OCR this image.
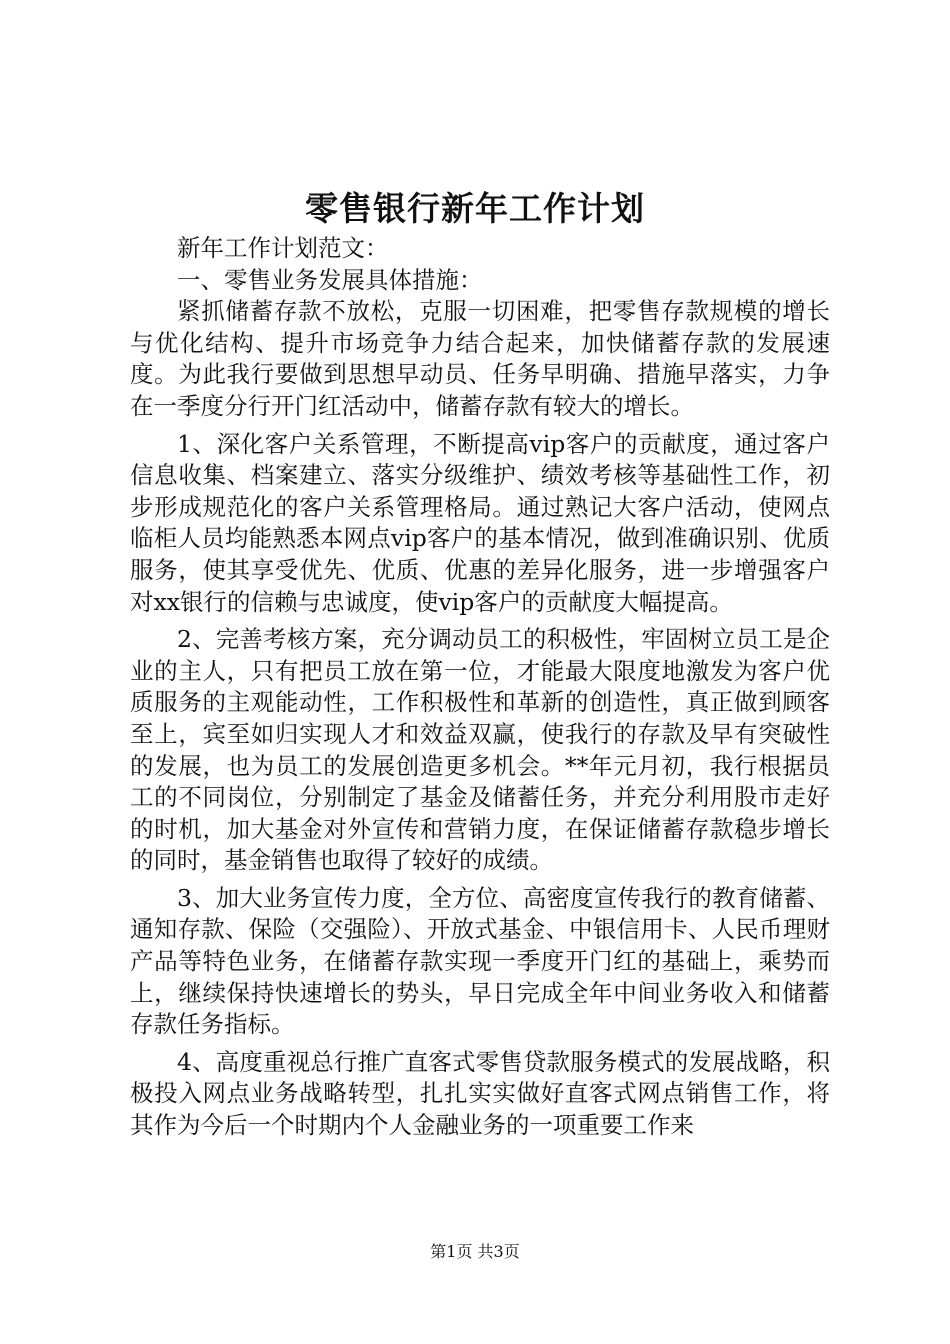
零售银行新年工作计划

新年工作计划范文：

一、零售业务发展具体措施：

紧抓储蓄存款不放松，克服一切困难，把零售存款规模的增长与优化结构、提升市场竞争力结合起来，加快储蓄存款的发展速度。为此我行要做到思想早动员、任务早明确、措施早落实，力争在一季度分行开门红活动中，储蓄存款有较大的增长。

1、深化客户关系管理，不断提高vip客户的贡献度，通过客户信息收集、档案建立、落实分级维护、绩效考核等基础性工作，初步形成规范化的客户关系管理格局。通过熟记大客户活动，使网点临柜人员均能熟悉本网点vip客户的基本情况，做到准确识别、优质服务，使其享受优先、优质、优惠的差异化服务，进一步增强客户对xx银行的信赖与忠诚度，使vip客户的贡献度大幅提高。

2、完善考核方案，充分调动员工的积极性，牢固树立员工是企业的主人，只有把员工放在第一位，才能最大限度地激发为客户优质服务的主观能动性，工作积极性和革新的创造性，真正做到顾客至上，宾至如归实现人才和效益双赢，使我行的存款及早有突破性的发展，也为员工的发展创造更多机会。**年元月初，我行根据员工的不同岗位，分别制定了基金及储蓄任务，并充分利用股市走好的时机，加大基金对外宣传和营销力度，在保证储蓄存款稳步增长的同时，基金销售也取得了较好的成绩。

3、加大业务宣传力度，全方位、高密度宣传我行的教育储蓄、通知存款、保险（交强险）、开放式基金、中银信用卡、人民币理财产品等特色业务，在储蓄存款实现一季度开门红的基础上，乘势而上，继续保持快速增长的势头，早日完成全年中间业务收入和储蓄存款任务指标。

4、高度重视总行推广直客式零售贷款服务模式的发展战略，积极投入网点业务战略转型，扎扎实实做好直客式网点销售工作，将其作为今后一个时期内个人金融业务的一项重要工作来

第1页 共3页
